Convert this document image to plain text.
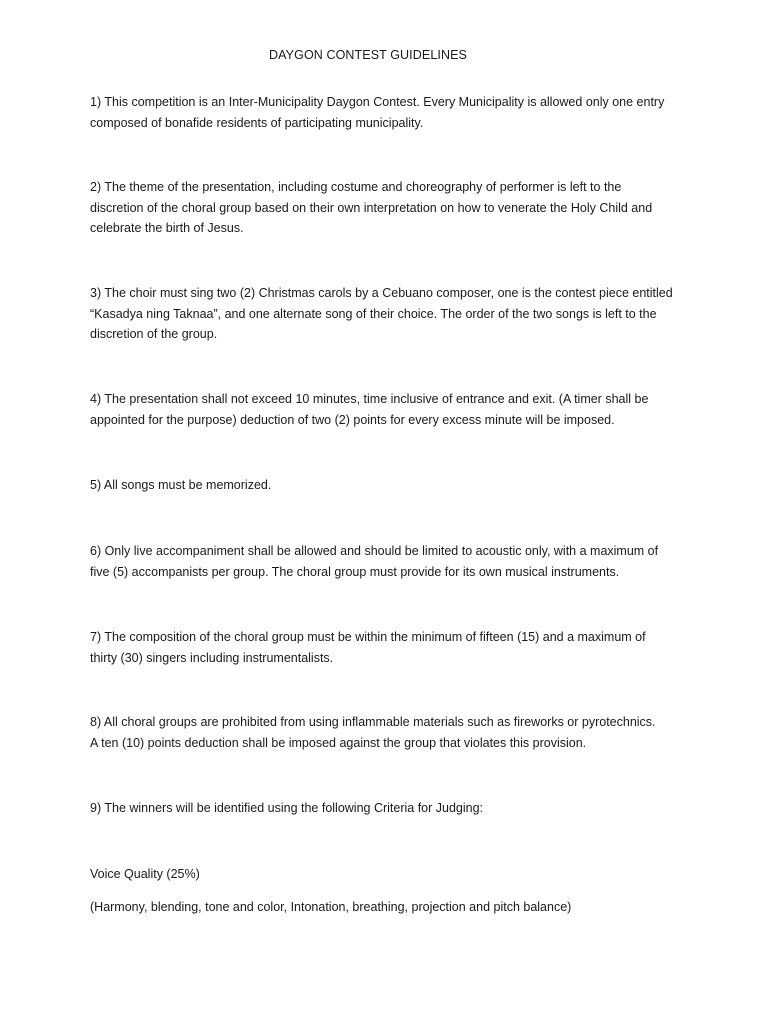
DAYGON CONTEST GUIDELINES

1) This competition is an Inter-Municipality Daygon Contest. Every Municipality is allowed only one entry
composed of bonafide residents of participating municipality.

2) The theme of the presentation, including costume and choreography of performer is left to the
discretion of the choral group based on their own interpretation on how to venerate the Holy Child and
celebrate the birth of Jesus.

3) The choir must sing two (2) Christmas carols by a Cebuano composer, one is the contest piece entitled
“Kasadya ning Taknaa”, and one alternate song of their choice. The order of the two songs is left to the
discretion of the group.

4) The presentation shall not exceed 10 minutes, time inclusive of entrance and exit. (A timer shall be
appointed for the purpose) deduction of two (2) points for every excess minute will be imposed.

5) All songs must be memorized.

6) Only live accompaniment shall be allowed and should be limited to acoustic only, with a maximum of
five (5) accompanists per group. The choral group must provide for its own musical instruments.

7) The composition of the choral group must be within the minimum of fifteen (15) and a maximum of
thirty (30) singers including instrumentalists.

8) All choral groups are prohibited from using inflammable materials such as fireworks or pyrotechnics.
A ten (10) points deduction shall be imposed against the group that violates this provision.

9) The winners will be identified using the following Criteria for Judging:

Voice Quality (25%)

(Harmony, blending, tone and color, Intonation, breathing, projection and pitch balance)
